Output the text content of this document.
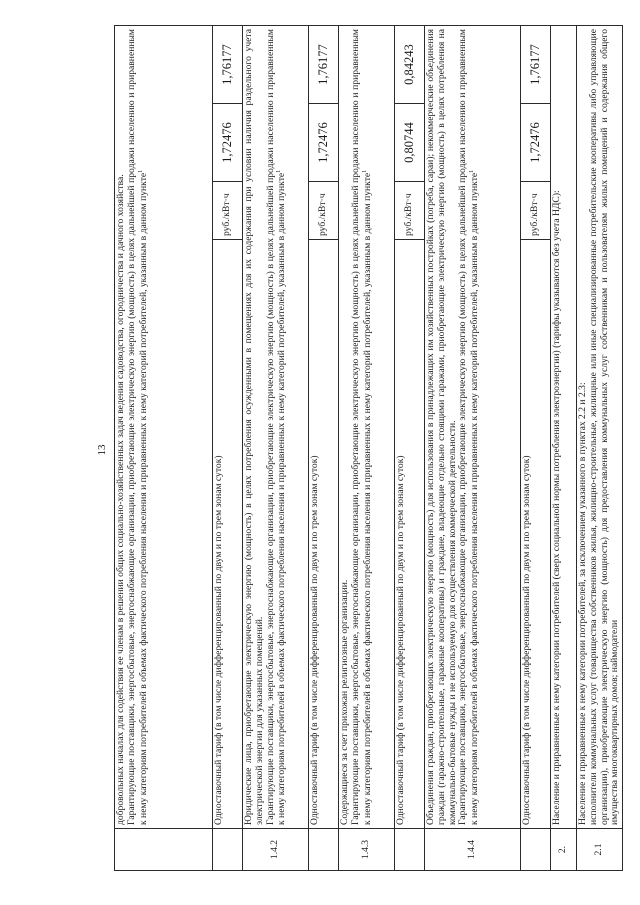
13

	добровольных началах для содействия ее членам в решении общих социально-хозяйственных задач ведения садоводства, огородничества и дачного хозяйства. Гарантирующие поставщики, энергосбытовые, энергоснабжающие организации, приобретающие электрическую энергию (мощность) в целях дальнейшей продажи населению и приравненным к нему категориям потребителей в объемах фактического потребления населения и приравненных к нему категорий потребителей, указанным в данном пункте$^1$

	Одноставочный тариф (в том числе дифференцированный по двум и по трем зонам суток)	руб./кВт·ч	1,72476	1,76177
1.4.2	Юридические лица, приобретающие электрическую энергию (мощность) в целях потребления осужденными в помещениях для их содержания при условии наличия раздельного учета электрической энергии для указанных помещений. Гарантирующие поставщики, энергосбытовые, энергоснабжающие организации, приобретающие электрическую энергию (мощность) в целях дальнейшей продажи населению и приравненным к нему категориям потребителей в объемах фактического потребления населения и приравненных к нему категорий потребителей, указанным в данном пункте$^1$

	Одноставочный тариф (в том числе дифференцированный по двум и по трем зонам суток)	руб./кВт·ч	1,72476	1,76177
1.4.3	Содержащиеся за счет прихожан религиозные организации. Гарантирующие поставщики, энергосбытовые, энергоснабжающие организации, приобретающие электрическую энергию (мощность) в целях дальнейшей продажи населению и приравненным к нему категориям потребителей в объемах фактического потребления населения и приравненных к нему категорий потребителей, указанным в данном пункте$^1$

	Одноставочный тариф (в том числе дифференцированный по двум и по трем зонам суток)	руб./кВт·ч	0,80744	0,84243
1.4.4	Объединения граждан, приобретающих электрическую энергию (мощность) для использования в принадлежащих им хозяйственных постройках (погреба, сараи); некоммерческие объединения граждан (гаражно-строительные, гаражные кооперативы) и граждане, владеющие отдельно стоящими гаражами, приобретающие электрическую энергию (мощность) в целях потребления на коммунально-бытовые нужды и не используемую для осуществления коммерческой деятельности. Гарантирующие поставщики, энергосбытовые, энергоснабжающие организации, приобретающие электрическую энергию (мощность) в целях дальнейшей продажи населению и приравненным к нему категориям потребителей в объемах фактического потребления населения и приравненных к нему категорий потребителей, указанным в данном пункте$^1$

	Одноставочный тариф (в том числе дифференцированный по двум и по трем зонам суток)	руб./кВт·ч	1,72476	1,76177
2.	Население и приравненные к нему категории потребителей (сверх социальной нормы потребления электроэнергии) (тарифы указываются без учета НДС):			

2.1	Население и приравненные к нему категории потребителей, за исключением указанного в пунктах 2.2 и 2.3: исполнители коммунальных услуг (товарищества собственников жилья, жилищно-строительные, жилищные или иные специализированные потребительские кооперативы либо управляющие организации), приобретающие электрическую энергию (мощность) для предоставления коммунальных услуг собственникам и пользователям жилых помещений и содержания общего имущества многоквартирных домов; наймодатели			
